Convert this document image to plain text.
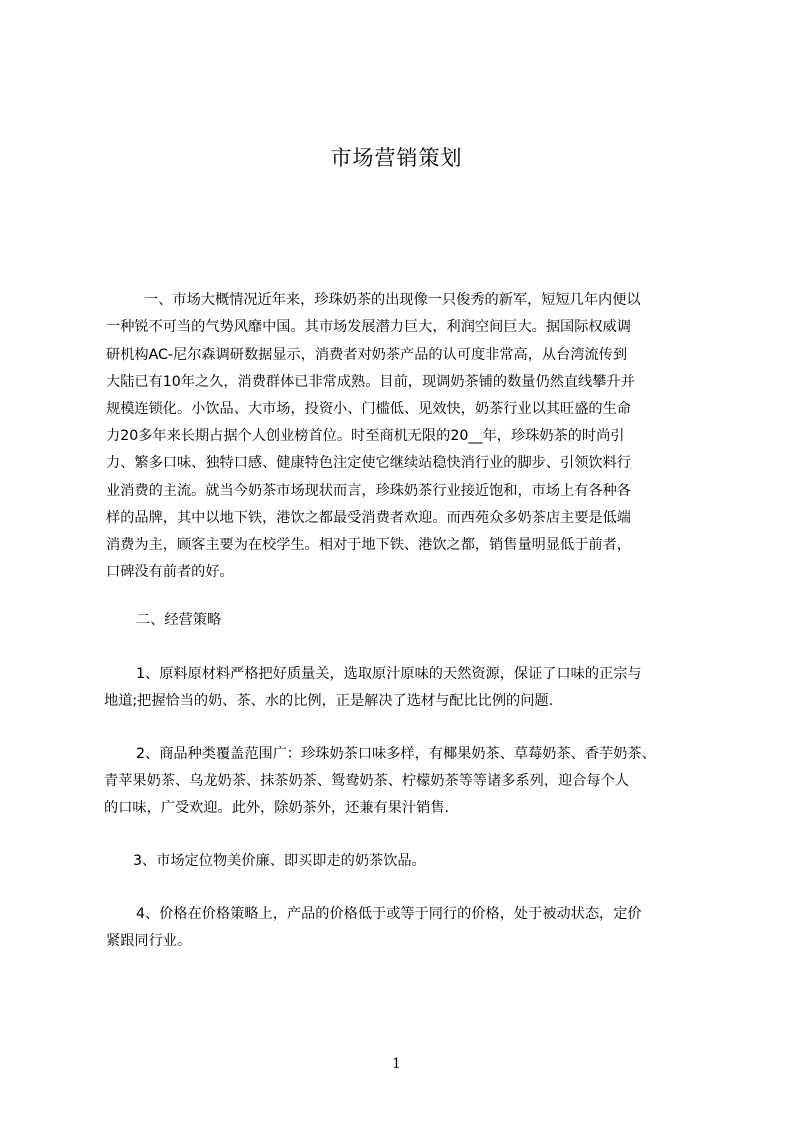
市场营销策划
一、市场大概情况近年来，珍珠奶茶的出现像一只俊秀的新军，短短几年内便以
一种锐不可当的气势风靡中国。其市场发展潜力巨大，利润空间巨大。据国际权威调
研机构AC-尼尔森调研数据显示，消费者对奶茶产品的认可度非常高，从台湾流传到
大陆已有10年之久，消费群体已非常成熟。目前，现调奶茶铺的数量仍然直线攀升并
规模连锁化。小饮品、大市场，投资小、门槛低、见效快，奶茶行业以其旺盛的生命
力20多年来长期占据个人创业榜首位。时至商机无限的20__年，珍珠奶茶的时尚引
力、繁多口味、独特口感、健康特色注定使它继续站稳快消行业的脚步、引领饮料行
业消费的主流。就当今奶茶市场现状而言，珍珠奶茶行业接近饱和，市场上有各种各
样的品牌，其中以地下铁，港饮之都最受消费者欢迎。而西苑众多奶茶店主要是低端
消费为主，顾客主要为在校学生。相对于地下铁、港饮之都，销售量明显低于前者，
口碑没有前者的好。
二、经营策略
1、原料原材料严格把好质量关，选取原汁原味的天然资源，保证了口味的正宗与
地道;把握恰当的奶、茶、水的比例，正是解决了选材与配比比例的问题.
2、商品种类覆盖范围广：珍珠奶茶口味多样，有椰果奶茶、草莓奶茶、香芋奶茶、
青苹果奶茶、乌龙奶茶、抹茶奶茶、鸳鸯奶茶、柠檬奶茶等等诸多系列，迎合每个人
的口味，广受欢迎。此外，除奶茶外，还兼有果汁销售.
3、市场定位物美价廉、即买即走的奶茶饮品。
4、价格在价格策略上，产品的价格低于或等于同行的价格，处于被动状态，定价
紧跟同行业。
1
